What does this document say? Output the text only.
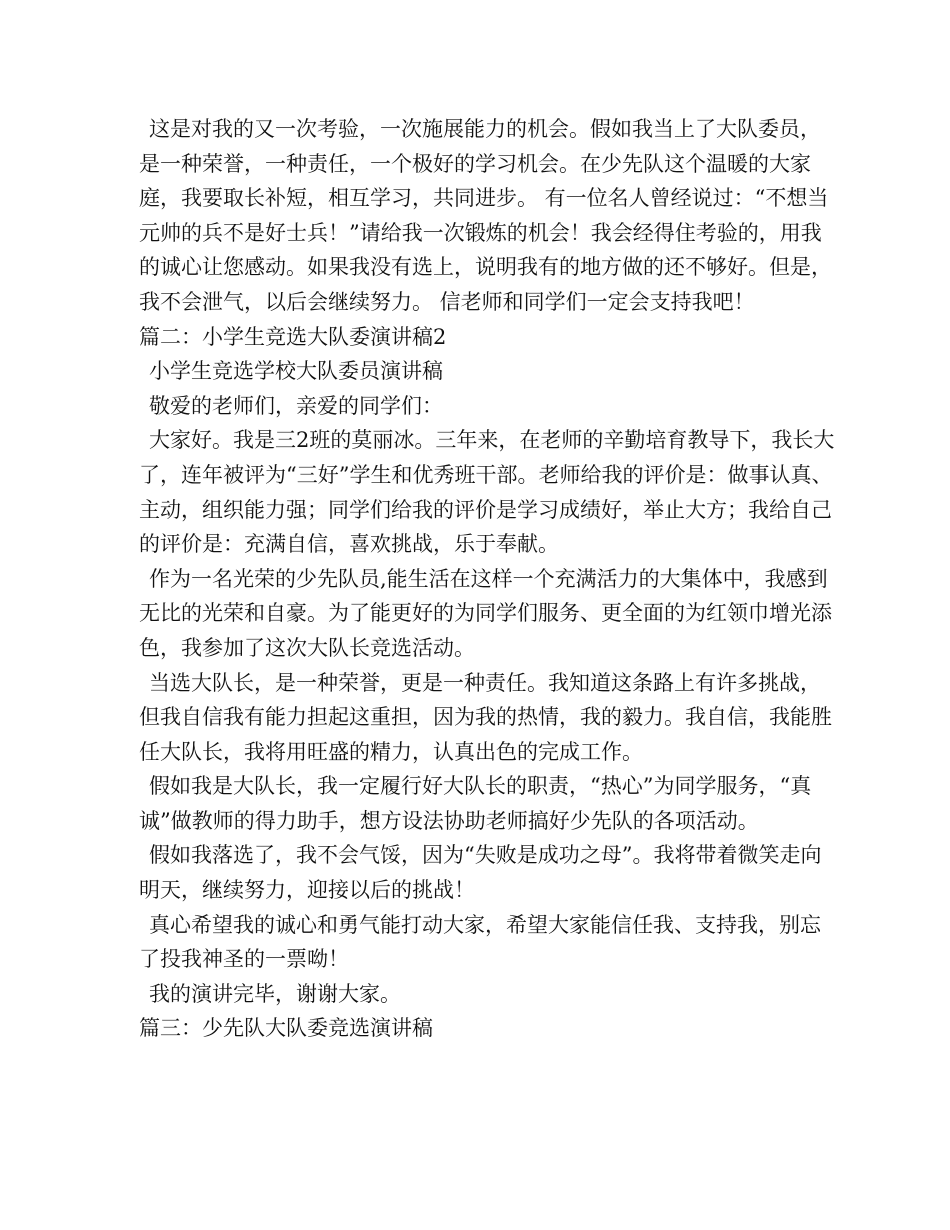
这是对我的又一次考验，一次施展能力的机会。假如我当上了大队委员，是一种荣誉，一种责任，一个极好的学习机会。在少先队这个温暖的大家庭，我要取长补短，相互学习，共同进步。 有一位名人曾经说过：“不想当元帅的兵不是好士兵！”请给我一次锻炼的机会！我会经得住考验的，用我的诚心让您感动。如果我没有选上，说明我有的地方做的还不够好。但是，我不会泄气，以后会继续努力。 信老师和同学们一定会支持我吧！

篇二：小学生竞选大队委演讲稿2

小学生竞选学校大队委员演讲稿

敬爱的老师们，亲爱的同学们：

大家好。我是三2班的莫丽冰。三年来，在老师的辛勤培育教导下，我长大了，连年被评为“三好”学生和优秀班干部。老师给我的评价是：做事认真、主动，组织能力强；同学们给我的评价是学习成绩好，举止大方；我给自己的评价是：充满自信，喜欢挑战，乐于奉献。

作为一名光荣的少先队员,能生活在这样一个充满活力的大集体中，我感到无比的光荣和自豪。为了能更好的为同学们服务、更全面的为红领巾增光添色，我参加了这次大队长竞选活动。

当选大队长，是一种荣誉，更是一种责任。我知道这条路上有许多挑战，但我自信我有能力担起这重担，因为我的热情，我的毅力。我自信，我能胜任大队长，我将用旺盛的精力，认真出色的完成工作。

假如我是大队长，我一定履行好大队长的职责，“热心”为同学服务，“真诚”做教师的得力助手，想方设法协助老师搞好少先队的各项活动。

假如我落选了，我不会气馁，因为“失败是成功之母”。我将带着微笑走向明天，继续努力，迎接以后的挑战！

真心希望我的诚心和勇气能打动大家，希望大家能信任我、支持我，别忘了投我神圣的一票呦！

我的演讲完毕，谢谢大家。

篇三：少先队大队委竞选演讲稿
